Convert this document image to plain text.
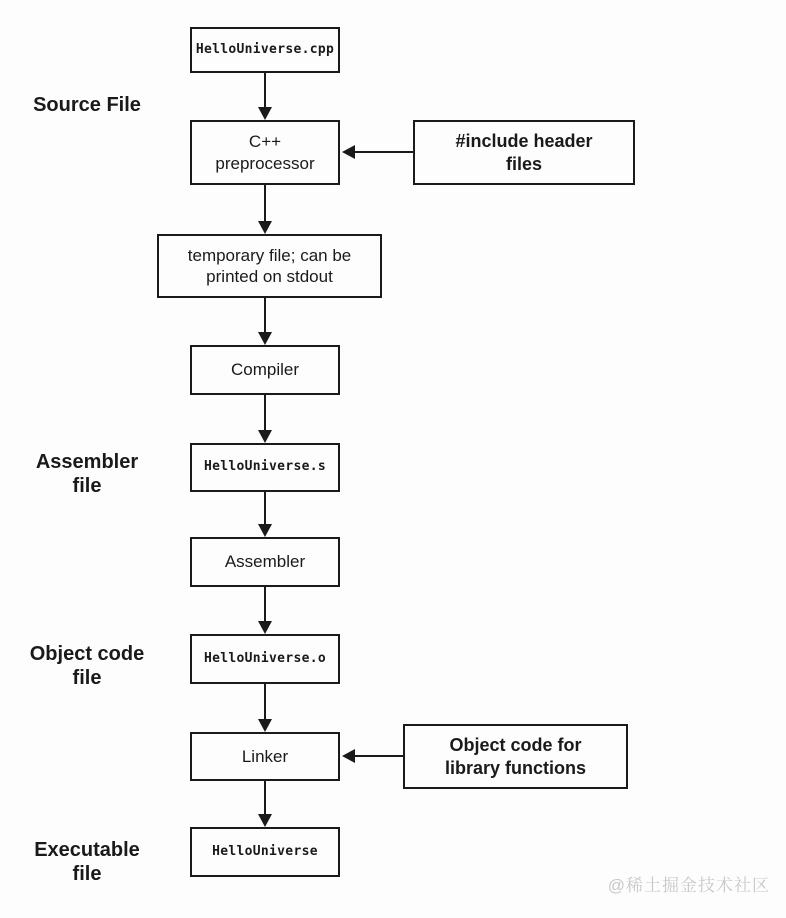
HelloUniverse.cpp
C++
preprocessor
#include header
files
temporary file; can be
printed on stdout
Compiler
HelloUniverse.s
Assembler
HelloUniverse.o
Linker
Object code for
library functions
HelloUniverse
Source File
Assembler
file
Object code
file
Executable
file
@稀土掘金技术社区
